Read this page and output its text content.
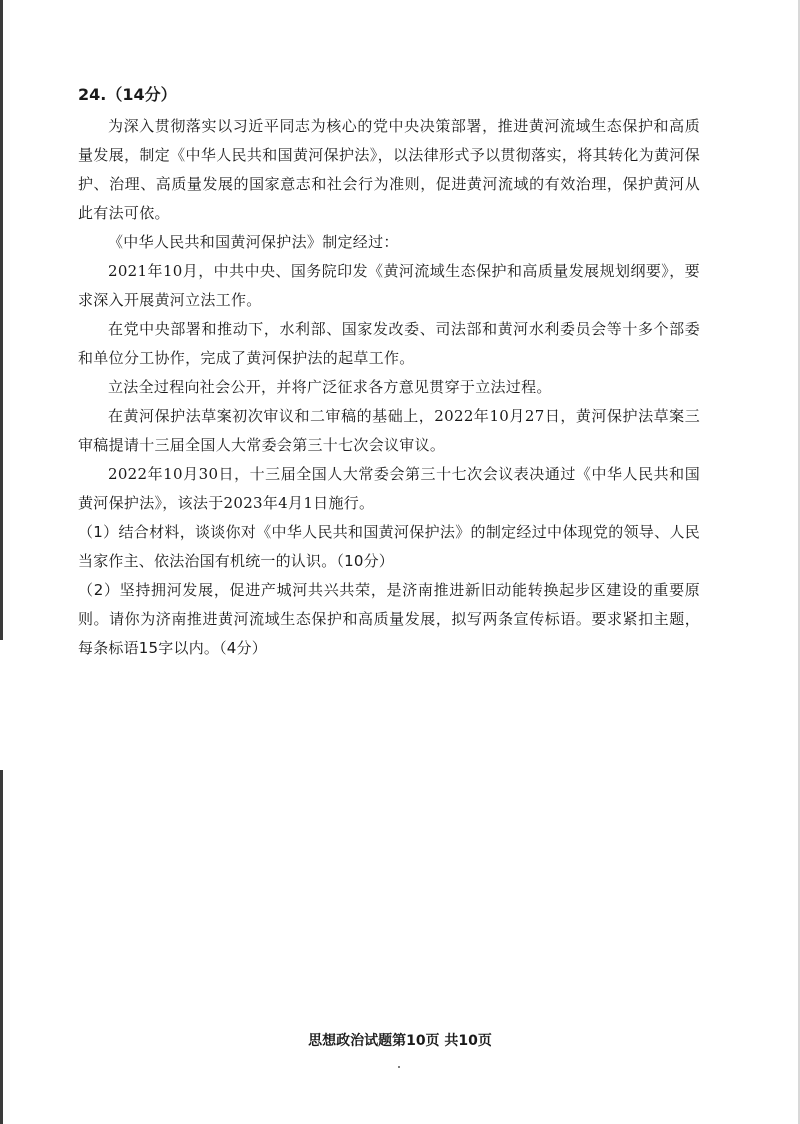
24.（14分）

为深入贯彻落实以习近平同志为核心的党中央决策部署，推进黄河流域生态保护和高质量发展，制定《中华人民共和国黄河保护法》，以法律形式予以贯彻落实，将其转化为黄河保护、治理、高质量发展的国家意志和社会行为准则，促进黄河流域的有效治理，保护黄河从此有法可依。

《中华人民共和国黄河保护法》制定经过：

2021年10月，中共中央、国务院印发《黄河流域生态保护和高质量发展规划纲要》，要求深入开展黄河立法工作。

在党中央部署和推动下，水利部、国家发改委、司法部和黄河水利委员会等十多个部委和单位分工协作，完成了黄河保护法的起草工作。

立法全过程向社会公开，并将广泛征求各方意见贯穿于立法过程。

在黄河保护法草案初次审议和二审稿的基础上，2022年10月27日，黄河保护法草案三审稿提请十三届全国人大常委会第三十七次会议审议。

2022年10月30日，十三届全国人大常委会第三十七次会议表决通过《中华人民共和国黄河保护法》，该法于2023年4月1日施行。

（1）结合材料，谈谈你对《中华人民共和国黄河保护法》的制定经过中体现党的领导、人民当家作主、依法治国有机统一的认识。（10分）

（2）坚持拥河发展，促进产城河共兴共荣，是济南推进新旧动能转换起步区建设的重要原则。请你为济南推进黄河流域生态保护和高质量发展，拟写两条宣传标语。要求紧扣主题，每条标语15字以内。（4分）

思想政治试题第10页 共10页
